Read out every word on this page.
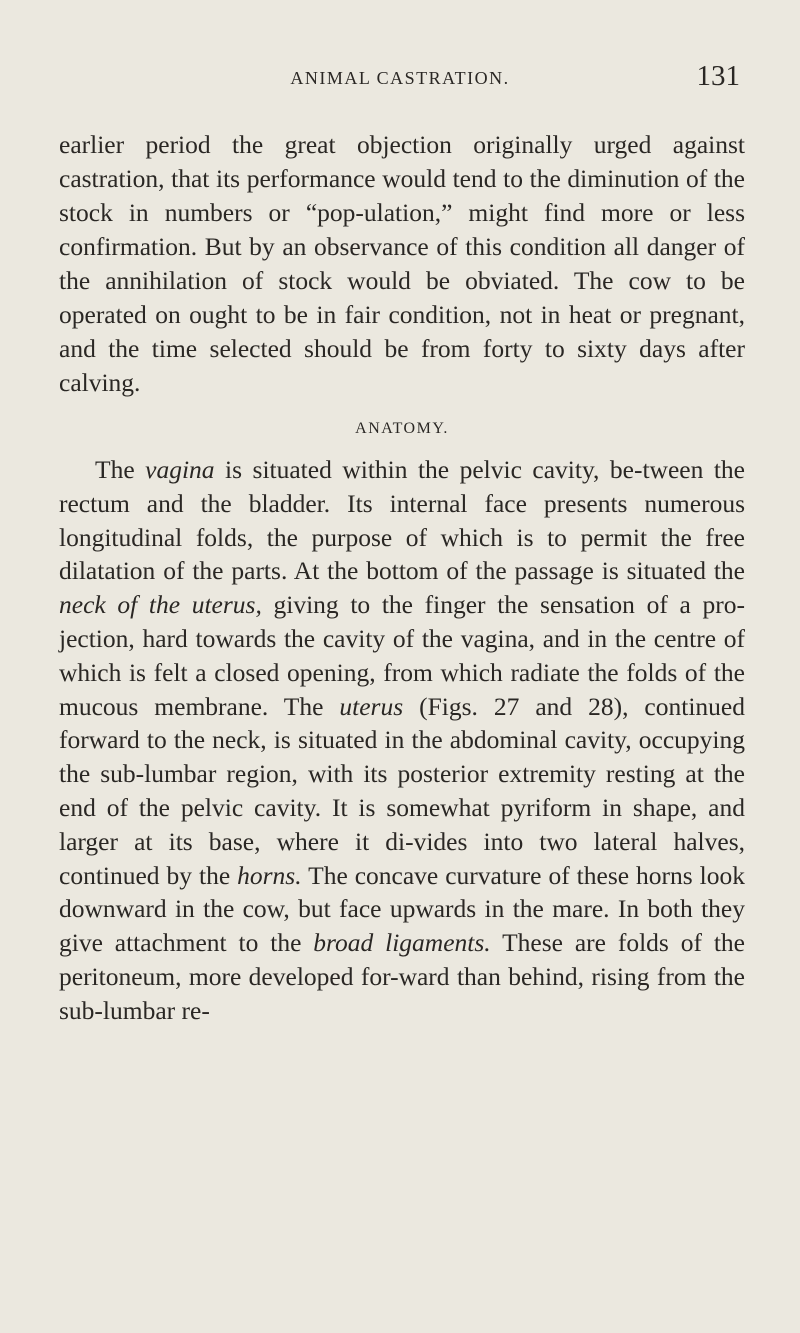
ANIMAL CASTRATION.	131

earlier period the great objection originally urged against castration, that its performance would tend to the diminution of the stock in numbers or “pop-ulation,” might find more or less confirmation. But by an observance of this condition all danger of the annihilation of stock would be obviated. The cow to be operated on ought to be in fair condition, not in heat or pregnant, and the time selected should be from forty to sixty days after calving.

ANATOMY.

The vagina is situated within the pelvic cavity, be-tween the rectum and the bladder. Its internal face presents numerous longitudinal folds, the purpose of which is to permit the free dilatation of the parts. At the bottom of the passage is situated the neck of the uterus, giving to the finger the sensation of a pro-jection, hard towards the cavity of the vagina, and in the centre of which is felt a closed opening, from which radiate the folds of the mucous membrane. The uterus (Figs. 27 and 28), continued forward to the neck, is situated in the abdominal cavity, occupying the sub-lumbar region, with its posterior extremity resting at the end of the pelvic cavity. It is somewhat pyriform in shape, and larger at its base, where it di-vides into two lateral halves, continued by the horns. The concave curvature of these horns look downward in the cow, but face upwards in the mare. In both they give attachment to the broad ligaments. These are folds of the peritoneum, more developed for-ward than behind, rising from the sub-lumbar re-
